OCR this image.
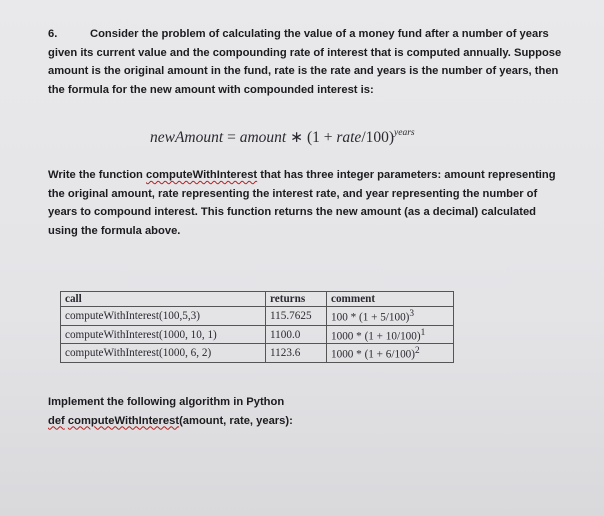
6.	Consider the problem of calculating the value of a money fund after a number of years given its current value and the compounding rate of interest that is computed annually. Suppose amount is the original amount in the fund, rate is the rate and years is the number of years, then the formula for the new amount with compounded interest is:
newAmount = amount ∗ (1 + rate/100)$^{years}$
Write the function computeWithInterest that has three integer parameters: amount representing the original amount, rate representing the interest rate, and year representing the number of years to compound interest. This function returns the new amount (as a decimal) calculated using the formula above.
call	returns	comment
computeWithInterest(100,5,3)	115.7625	$100 * (1 + 5/100)^3$
computeWithInterest(1000, 10, 1)	1100.0	$1000 * (1 + 10/100)^1$
computeWithInterest(1000, 6, 2)	1123.6	$1000 * (1 + 6/100)^2$
Implement the following algorithm in Python
def computeWithInterest(amount, rate, years):
